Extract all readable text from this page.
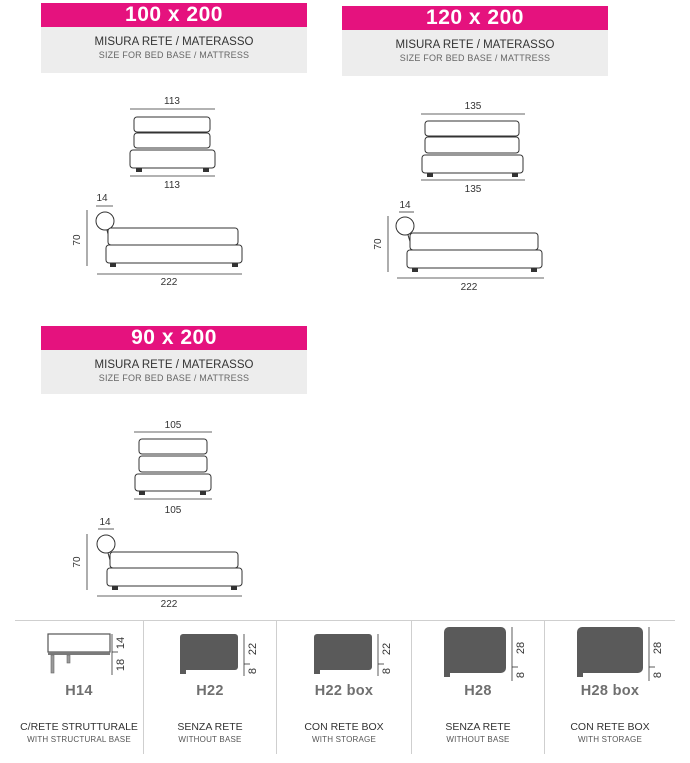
100 x 200
MISURA RETE / MATERASSO
SIZE FOR BED BASE / MATTRESS
113
113
14
70
222
120 x 200
MISURA RETE / MATERASSO
SIZE FOR BED BASE / MATTRESS
135
135
14
70
222
90 x 200
MISURA RETE / MATERASSO
SIZE FOR BED BASE / MATTRESS
105
105
14
70
222
14
18
H14
C/RETE STRUTTURALE
WITH STRUCTURAL BASE
22
8
H22
SENZA RETE
WITHOUT BASE
22
8
H22 box
CON RETE BOX
WITH STORAGE
28
8
H28
SENZA RETE
WITHOUT BASE
28
8
H28 box
CON RETE BOX
WITH STORAGE
